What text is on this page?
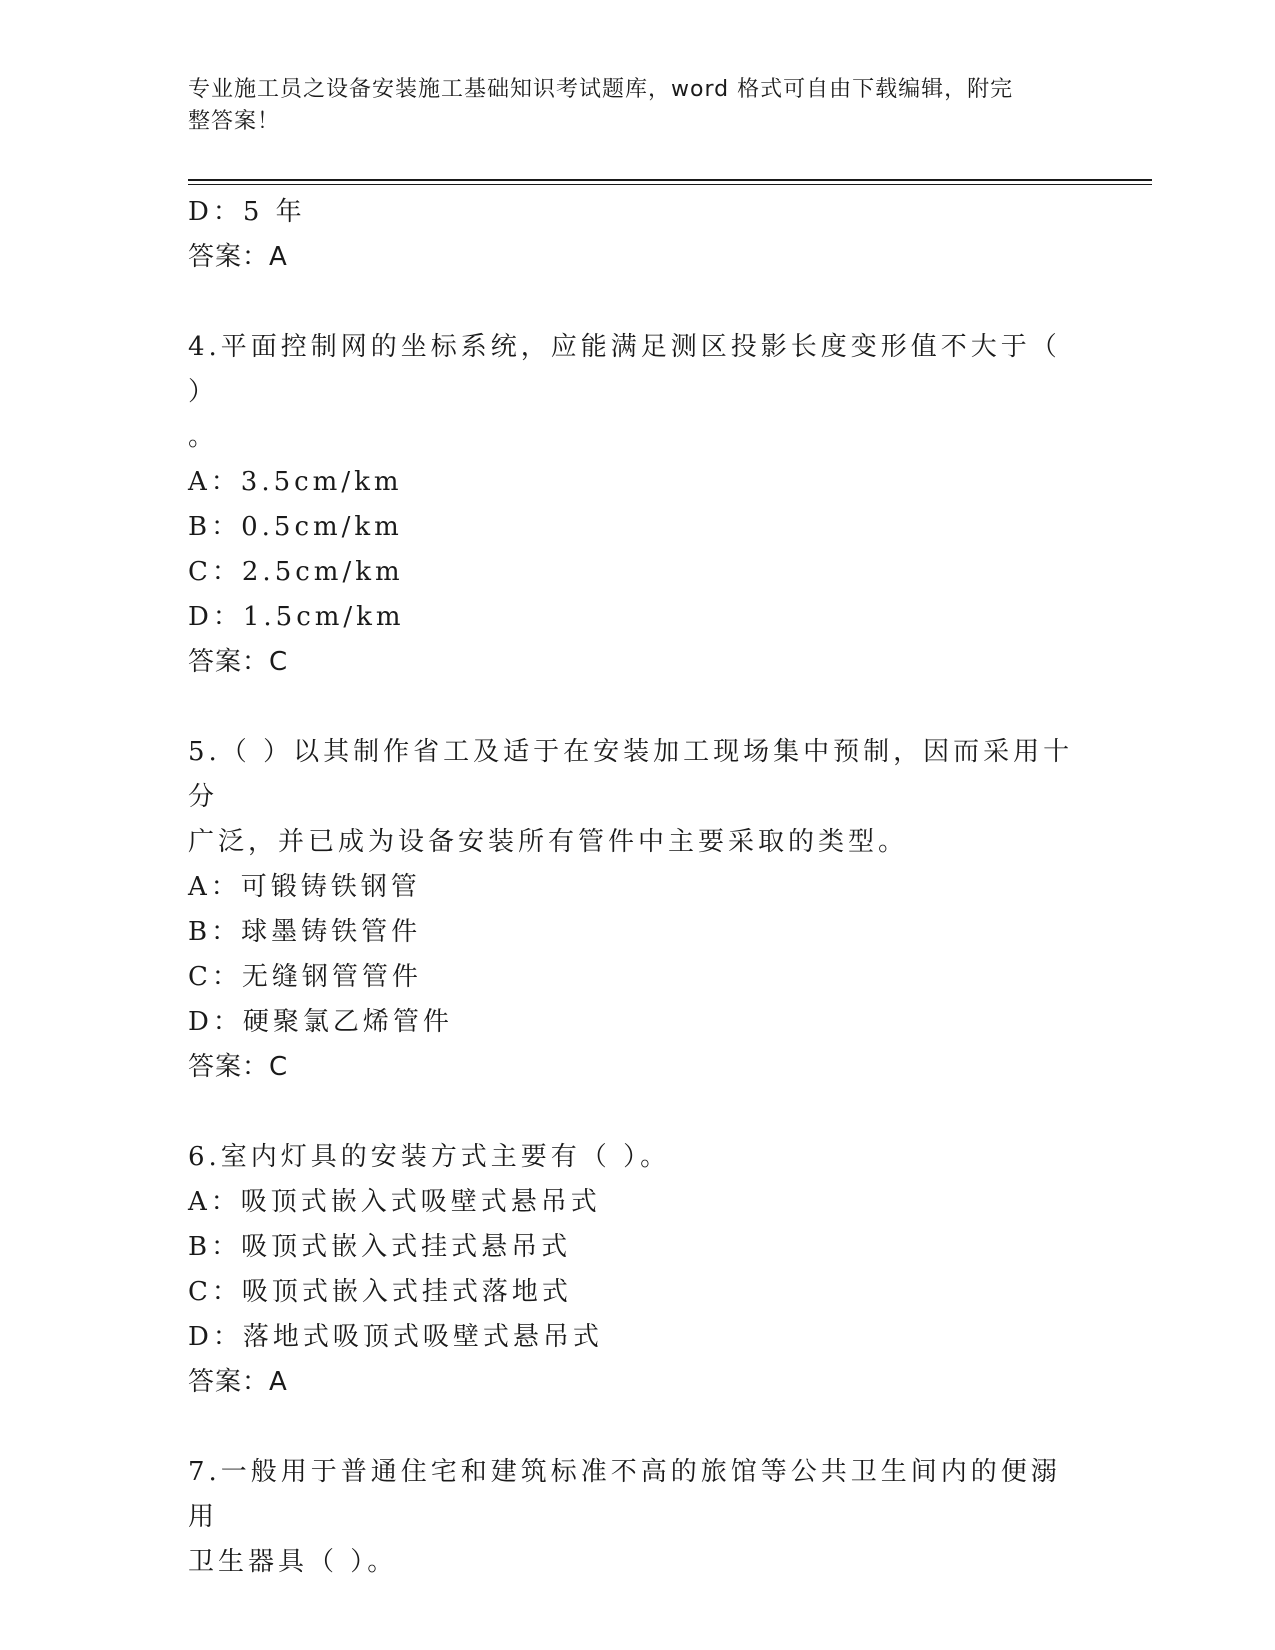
专业施工员之设备安装施工基础知识考试题库，word 格式可自由下载编辑，附完
整答案！
D：5 年
答案：A
4.平面控制网的坐标系统，应能满足测区投影长度变形值不大于（ ）
。
A：3.5cm/km
B：0.5cm/km
C：2.5cm/km
D：1.5cm/km
答案：C
5.（ ）以其制作省工及适于在安装加工现场集中预制，因而采用十分
广泛，并已成为设备安装所有管件中主要采取的类型。
A：可锻铸铁钢管
B：球墨铸铁管件
C：无缝钢管管件
D：硬聚氯乙烯管件
答案：C
6.室内灯具的安装方式主要有（ ）。
A：吸顶式嵌入式吸壁式悬吊式
B：吸顶式嵌入式挂式悬吊式
C：吸顶式嵌入式挂式落地式
D：落地式吸顶式吸壁式悬吊式
答案：A
7.一般用于普通住宅和建筑标准不高的旅馆等公共卫生间内的便溺用
卫生器具（ ）。
